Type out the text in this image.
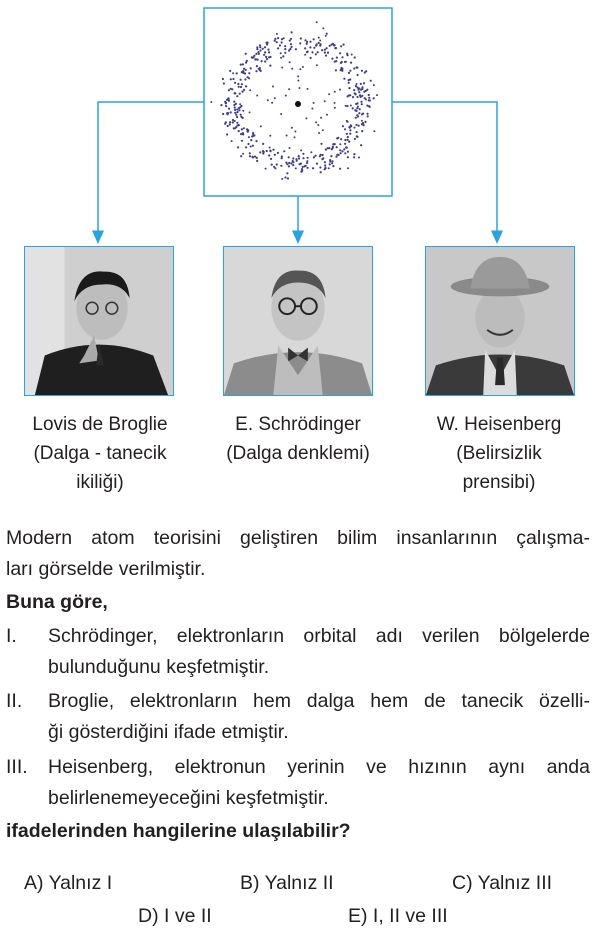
Lovis de Broglie
(Dalga - tanecik
ikiliği)
E. Schrödinger
(Dalga denklemi)
W. Heisenberg
(Belirsizlik
prensibi)
Modern atom teorisini geliştiren bilim insanlarının çalışma-
ları görselde verilmiştir.
Buna göre,
I. Schrödinger, elektronların orbital adı verilen bölgelerde
bulunduğunu keşfetmiştir.
II. Broglie, elektronların hem dalga hem de tanecik özelli-
ği gösterdiğini ifade etmiştir.
III. Heisenberg, elektronun yerinin ve hızının aynı anda
belirlenemeyeceğini keşfetmiştir.
ifadelerinden hangilerine ulaşılabilir?
A) Yalnız I	B) Yalnız II	C) Yalnız III
D) I ve II	E) I, II ve III
